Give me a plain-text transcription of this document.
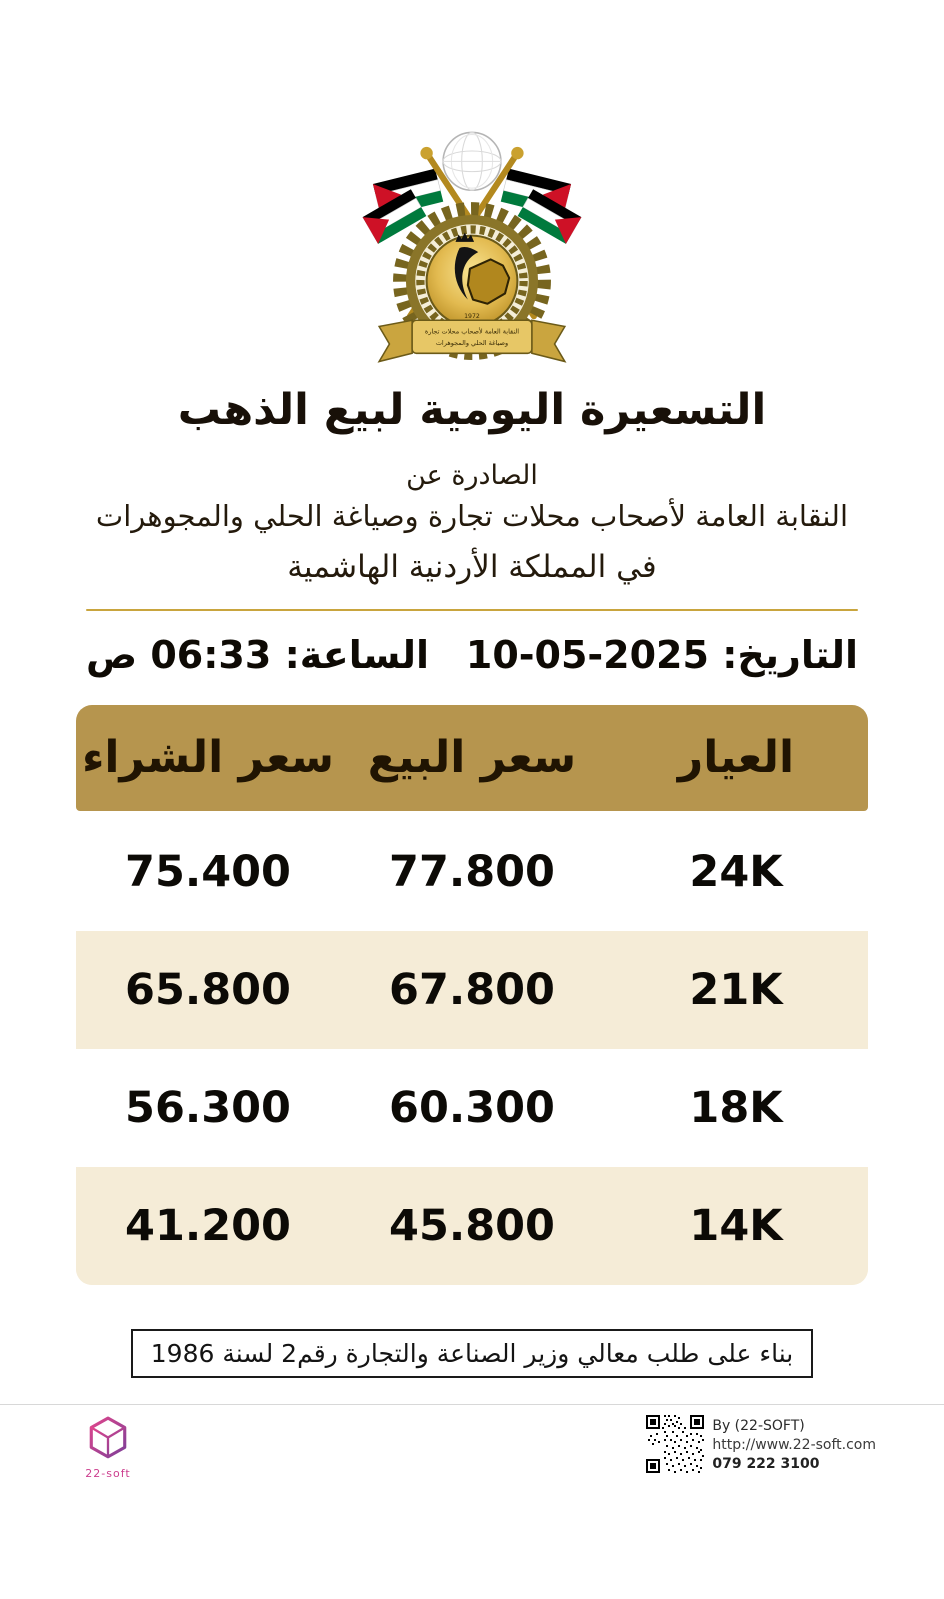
1972
النقابة العامة لأصحاب محلات تجارة
وصياغة الحلي والمجوهرات
التسعيرة اليومية لبيع الذهب
الصادرة عن
النقابة العامة لأصحاب محلات تجارة وصياغة الحلي والمجوهرات
في المملكة الأردنية الهاشمية
التاريخ: 10-05-2025
الساعة: 06:33 ص
العيار
سعر البيع
سعر الشراء
24K
77.800
75.400
21K
67.800
65.800
18K
60.300
56.300
14K
45.800
41.200
بناء على طلب معالي وزير الصناعة والتجارة رقم2 لسنة 1986
By (22-SOFT)
http://www.22-soft.com
079 222 3100
22-soft
